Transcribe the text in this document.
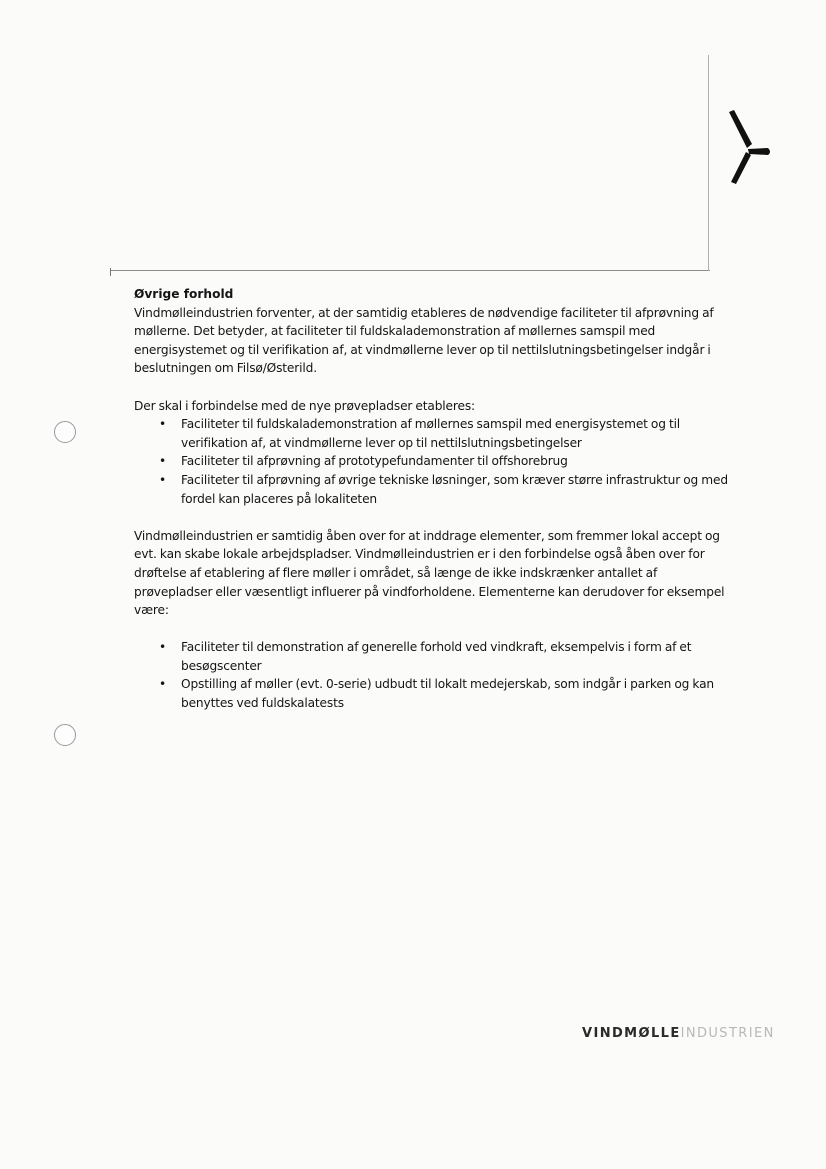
Øvrige forhold

Vindmølleindustrien forventer, at der samtidig etableres de nødvendige faciliteter til afprøvning af møllerne. Det betyder, at faciliteter til fuldskalademonstration af møllernes samspil med energisystemet og til verifikation af, at vindmøllerne lever op til nettilslutningsbetingelser indgår i beslutningen om Filsø/Østerild.

Der skal i forbindelse med de nye prøvepladser etableres:

• Faciliteter til fuldskalademonstration af møllernes samspil med energisystemet og til verifikation af, at vindmøllerne lever op til nettilslutningsbetingelser
• Faciliteter til afprøvning af prototypefundamenter til offshorebrug
• Faciliteter til afprøvning af øvrige tekniske løsninger, som kræver større infrastruktur og med fordel kan placeres på lokaliteten

Vindmølleindustrien er samtidig åben over for at inddrage elementer, som fremmer lokal accept og evt. kan skabe lokale arbejdspladser. Vindmølleindustrien er i den forbindelse også åben over for drøftelse af etablering af flere møller i området, så længe de ikke indskrænker antallet af prøvepladser eller væsentligt influerer på vindforholdene. Elementerne kan derudover for eksempel være:

• Faciliteter til demonstration af generelle forhold ved vindkraft, eksempelvis i form af et besøgscenter
• Opstilling af møller (evt. 0-serie) udbudt til lokalt medejerskab, som indgår i parken og kan benyttes ved fuldskalatests
VINDMØLLEINDUSTRIEN
